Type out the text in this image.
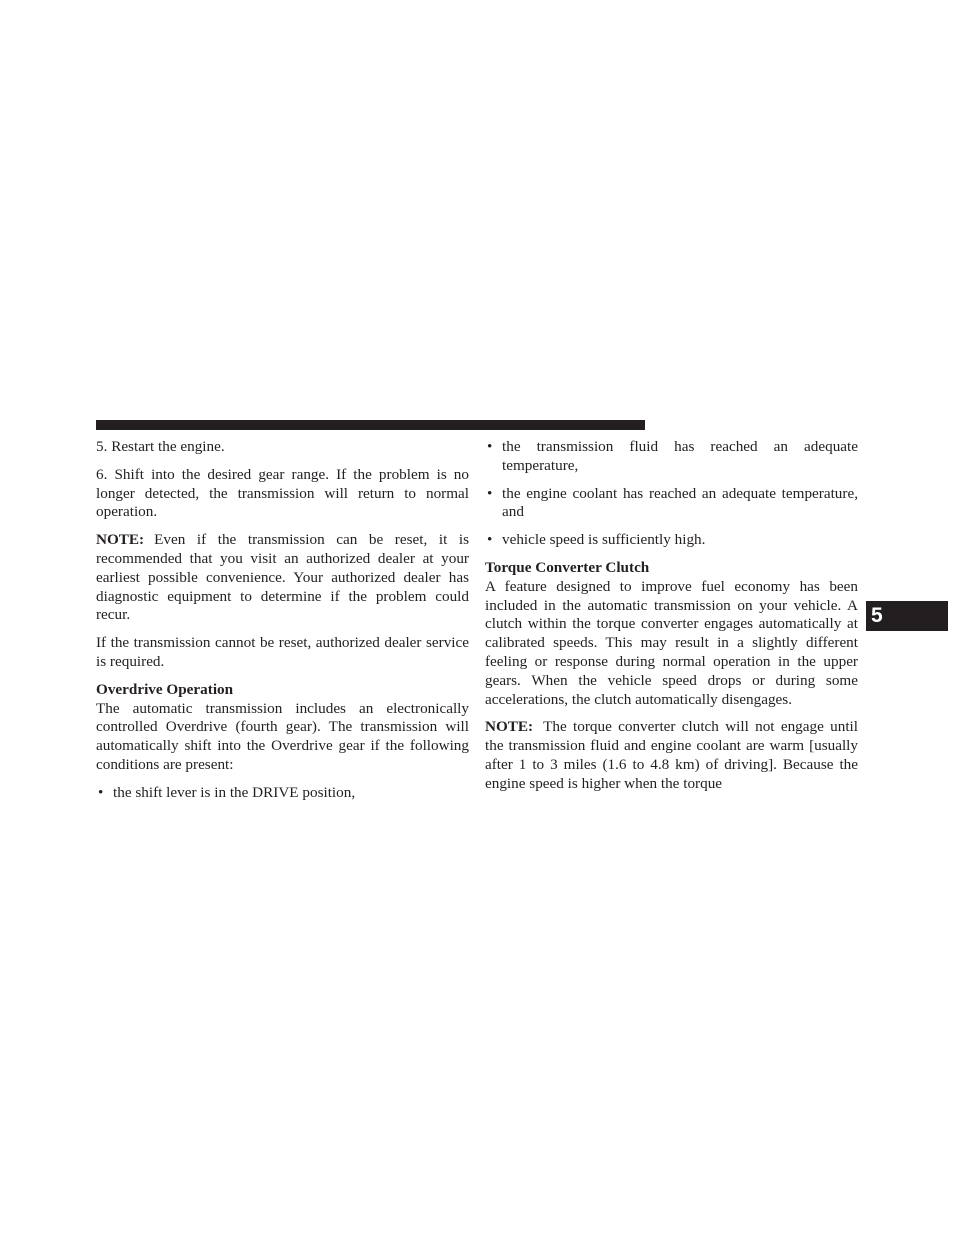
5. Restart the engine.

6. Shift into the desired gear range. If the problem is no longer detected, the transmission will return to normal operation.

NOTE: Even if the transmission can be reset, it is recommended that you visit an authorized dealer at your earliest possible convenience. Your authorized dealer has diagnostic equipment to determine if the problem could recur.

If the transmission cannot be reset, authorized dealer service is required.

Overdrive Operation

The automatic transmission includes an electronically controlled Overdrive (fourth gear). The transmission will automatically shift into the Overdrive gear if the following conditions are present:

• the shift lever is in the DRIVE position,
• the transmission fluid has reached an adequate temperature,
• the engine coolant has reached an adequate temperature, and
• vehicle speed is sufficiently high.
Torque Converter Clutch

A feature designed to improve fuel economy has been included in the automatic transmission on your vehicle. A clutch within the torque converter engages automatically at calibrated speeds. This may result in a slightly different feeling or response during normal operation in the upper gears. When the vehicle speed drops or during some accelerations, the clutch automatically disengages.

NOTE: The torque converter clutch will not engage until the transmission fluid and engine coolant are warm [usually after 1 to 3 miles (1.6 to 4.8 km) of driving]. Because the engine speed is higher when the torque

5
